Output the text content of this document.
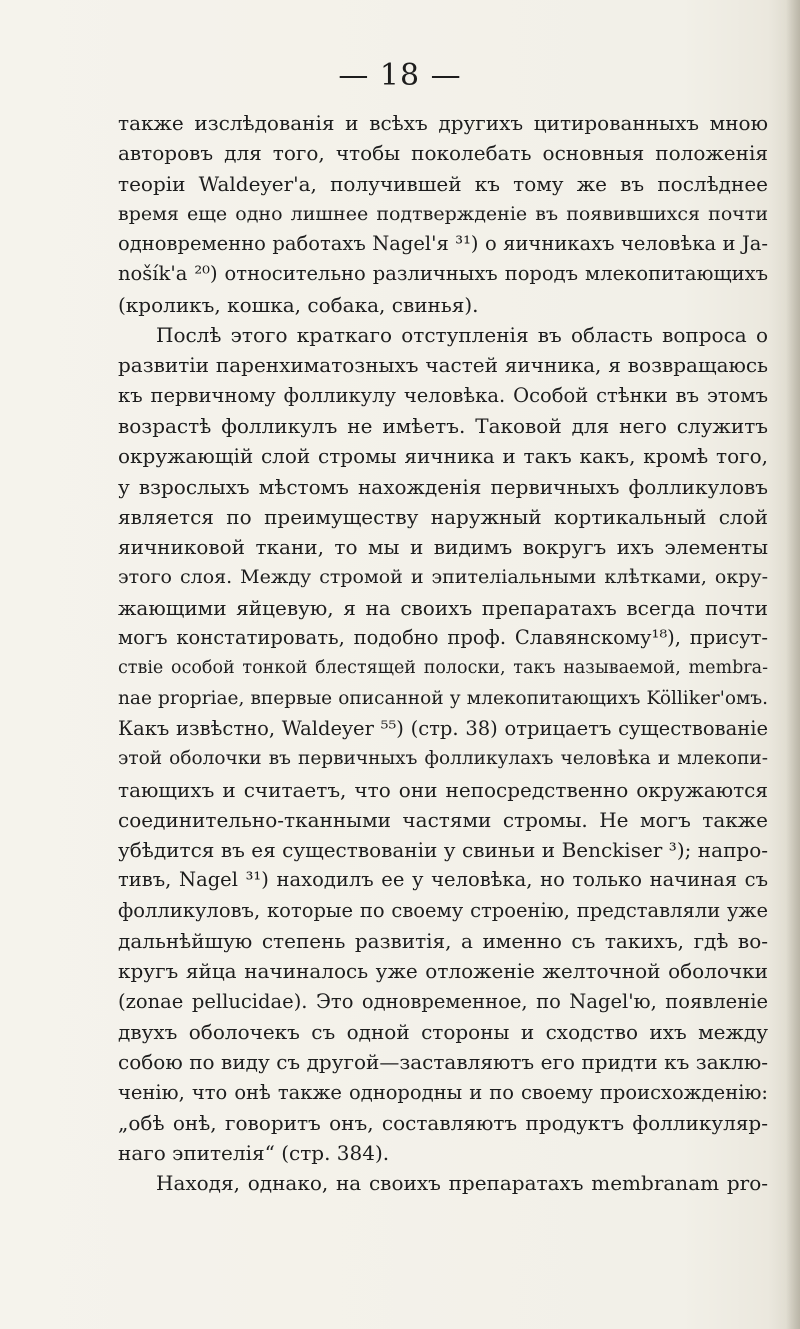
— 18 —
также изслѣдованія и всѣхъ другихъ цитированныхъ мною
авторовъ для того, чтобы поколебать основныя положенія
теоріи Waldeyer'a, получившей къ тому же въ послѣднее
время еще одно лишнее подтвержденіе въ появившихся почти
одновременно работахъ Nagel'я ³¹) о яичникахъ человѣка и Ja-
nošík'a ²⁰) относительно различныхъ породъ млекопитающихъ
(кроликъ, кошка, собака, свинья).
Послѣ этого краткаго отступленія въ область вопроса о
развитіи паренхиматозныхъ частей яичника, я возвращаюсь
къ первичному фолликулу человѣка. Особой стѣнки въ этомъ
возрастѣ фолликулъ не имѣетъ. Таковой для него служитъ
окружающій слой стромы яичника и такъ какъ, кромѣ того,
у взрослыхъ мѣстомъ нахожденія первичныхъ фолликуловъ
является по преимуществу наружный кортикальный слой
яичниковой ткани, то мы и видимъ вокругъ ихъ элементы
этого слоя. Между стромой и эпителіальными клѣтками, окру-
жающими яйцевую, я на своихъ препаратахъ всегда почти
могъ констатировать, подобно проф. Славянскому¹⁸), присут-
ствіе особой тонкой блестящей полоски, такъ называемой, membra-
nae propriae, впервые описанной у млекопитающихъ Kölliker'омъ.
Какъ извѣстно, Waldeyer ⁵⁵) (стр. 38) отрицаетъ существованіе
этой оболочки въ первичныхъ фолликулахъ человѣка и млекопи-
тающихъ и считаетъ, что они непосредственно окружаются
соединительно-тканными частями стромы. Не могъ также
убѣдится въ ея существованіи у свиньи и Benckiser ³); напро-
тивъ, Nagel ³¹) находилъ ее у человѣка, но только начиная съ
фолликуловъ, которые по своему строенію, представляли уже
дальнѣйшую степень развитія, а именно съ такихъ, гдѣ во-
кругъ яйца начиналось уже отложеніе желточной оболочки
(zonae pellucidae). Это одновременное, по Nagel'ю, появленіе
двухъ оболочекъ съ одной стороны и сходство ихъ между
собою по виду съ другой—заставляютъ его придти къ заклю-
ченію, что онѣ также однородны и по своему происхожденію:
„обѣ онѣ, говоритъ онъ, составляютъ продуктъ фолликуляр-
наго эпителія“ (стр. 384).
Находя, однако, на своихъ препаратахъ membranam pro-
